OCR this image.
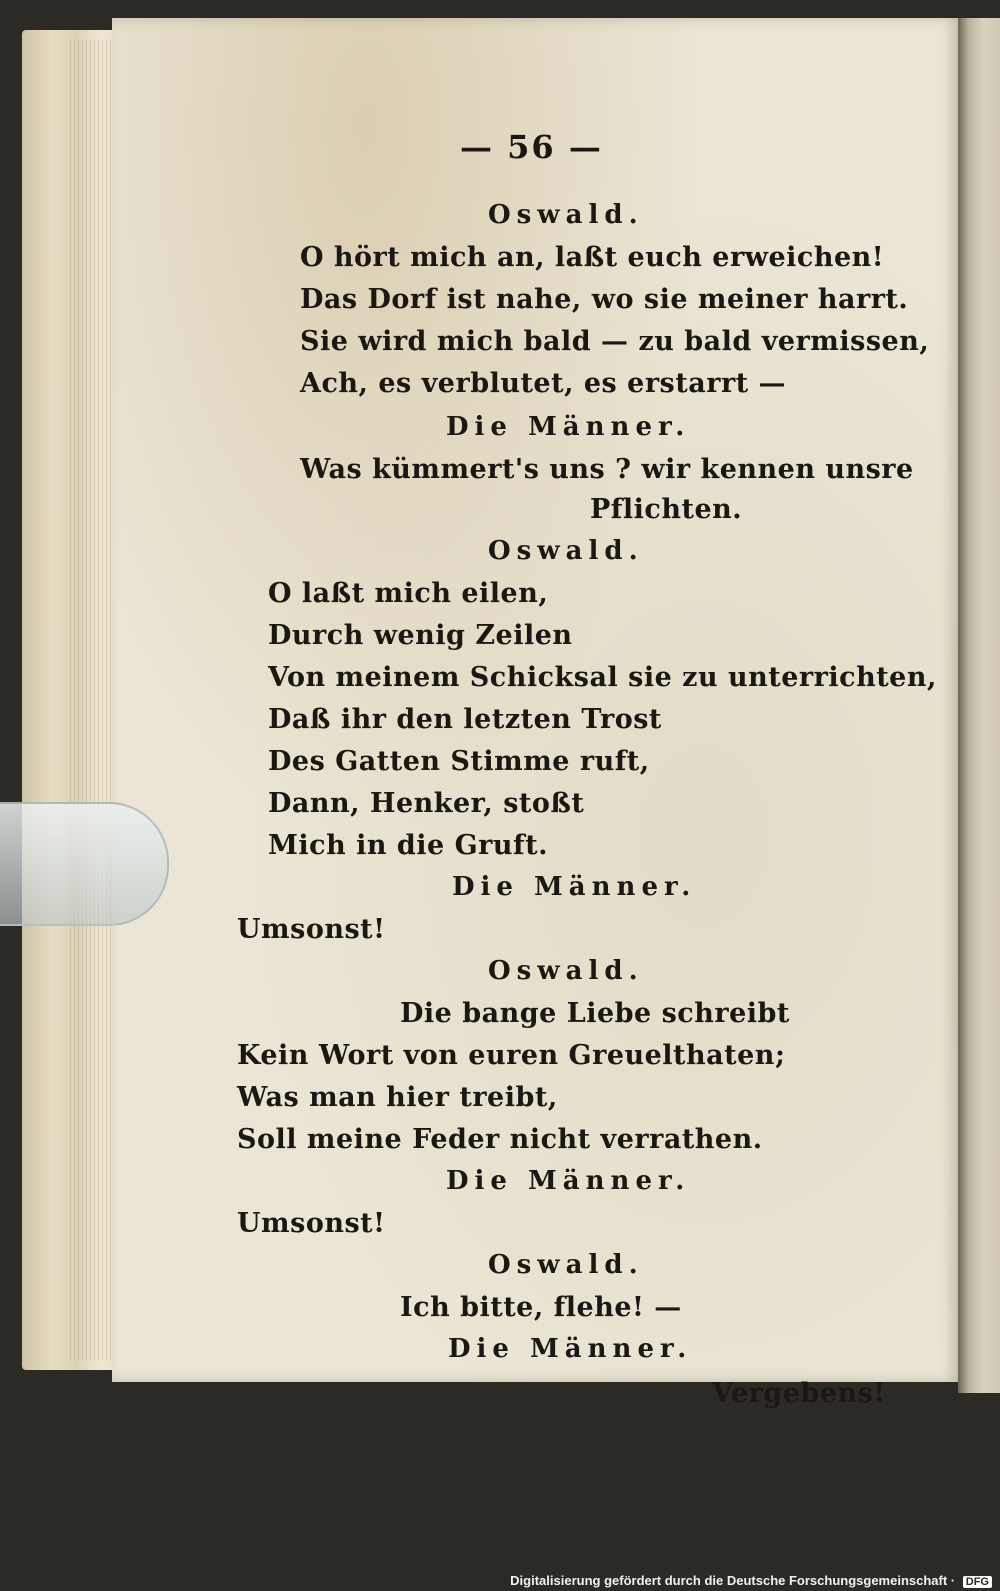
— 56 —
Oswald.
O hört mich an, laßt euch erweichen!
Das Dorf ist nahe, wo sie meiner harrt.
Sie wird mich bald — zu bald vermissen,
Ach, es verblutet, es erstarrt —
Die Männer.
Was kümmert's uns ? wir kennen unsre
Pflichten.
Oswald.
O laßt mich eilen,
Durch wenig Zeilen
Von meinem Schicksal sie zu unterrichten,
Daß ihr den letzten Trost
Des Gatten Stimme ruft,
Dann, Henker, stoßt
Mich in die Gruft.
Die Männer.
Umsonst!
Oswald.
Die bange Liebe schreibt
Kein Wort von euren Greuelthaten;
Was man hier treibt,
Soll meine Feder nicht verrathen.
Die Männer.
Umsonst!
Oswald.
Ich bitte, flehe! —
Die Männer.
Vergebens!
Digitalisierung gefördert durch die Deutsche Forschungsgemeinschaft · DFG
